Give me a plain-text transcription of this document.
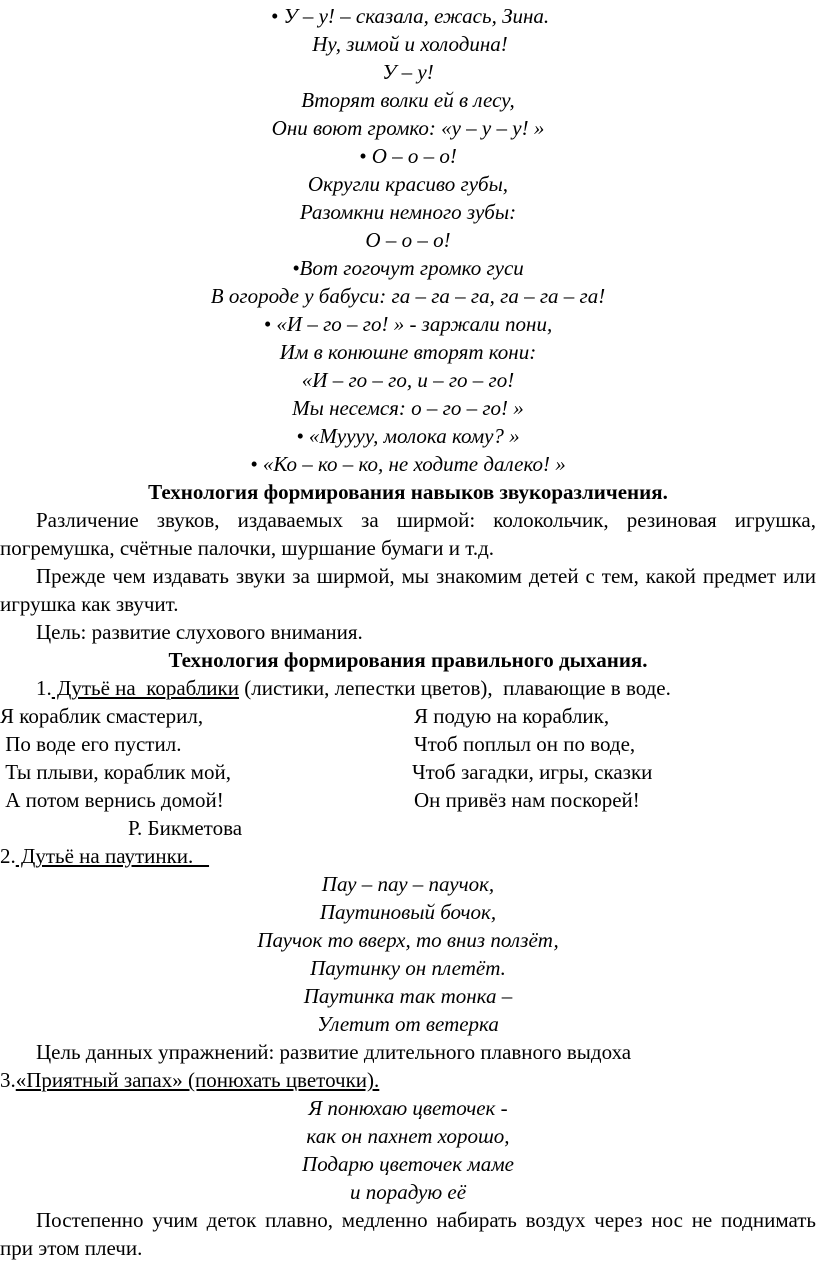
• У – у! – сказала, ежась, Зина.
Ну, зимой и холодина!
У – у!
Вторят волки ей в лесу,
Они воют громко: «у – у – у! »
• О – о – о!
Округли красиво губы,
Разомкни немного зубы:
О – о – о!
•Вот гогочут громко гуси
В огороде у бабуси: га – га – га, га – га – га!
• «И – го – го! » - заржали пони,
Им в конюшне вторят кони:
«И – го – го, и – го – го!
Мы несемся: о – го – го! »
• «Муууу, молока кому? »
• «Ко – ко – ко, не ходите далеко! »
Технология формирования навыков звукоразличения.
Различение звуков, издаваемых за ширмой: колокольчик, резиновая игрушка, погремушка, счётные палочки, шуршание бумаги и т.д.
Прежде чем издавать звуки за ширмой, мы знакомим детей с тем, какой предмет или игрушка как звучит.
Цель: развитие слухового внимания.
Технология формирования правильного дыхания.
1. Дутьё на  кораблики (листики, лепестки цветов),  плавающие в воде.
Я кораблик смастерил,	Я подую на кораблик,
По воде его пустил.	Чтоб поплыл он по воде,
Ты плыви, кораблик мой,	Чтоб загадки, игры, сказки
А потом вернись домой!	Он привёз нам поскорей!
Р. Бикметова
2. Дутьё на паутинки.
Пау – пау – паучок,
Паутиновый бочок,
Паучок то вверх, то вниз ползёт,
Паутинку он плетёт.
Паутинка так тонка –
Улетит от ветерка
Цель данных упражнений: развитие длительного плавного выдоха
3.«Приятный запах» (понюхать цветочки).
Я понюхаю цветочек -
как он пахнет хорошо,
Подарю цветочек маме
и порадую её
Постепенно учим деток плавно, медленно набирать воздух через нос не поднимать при этом плечи.
